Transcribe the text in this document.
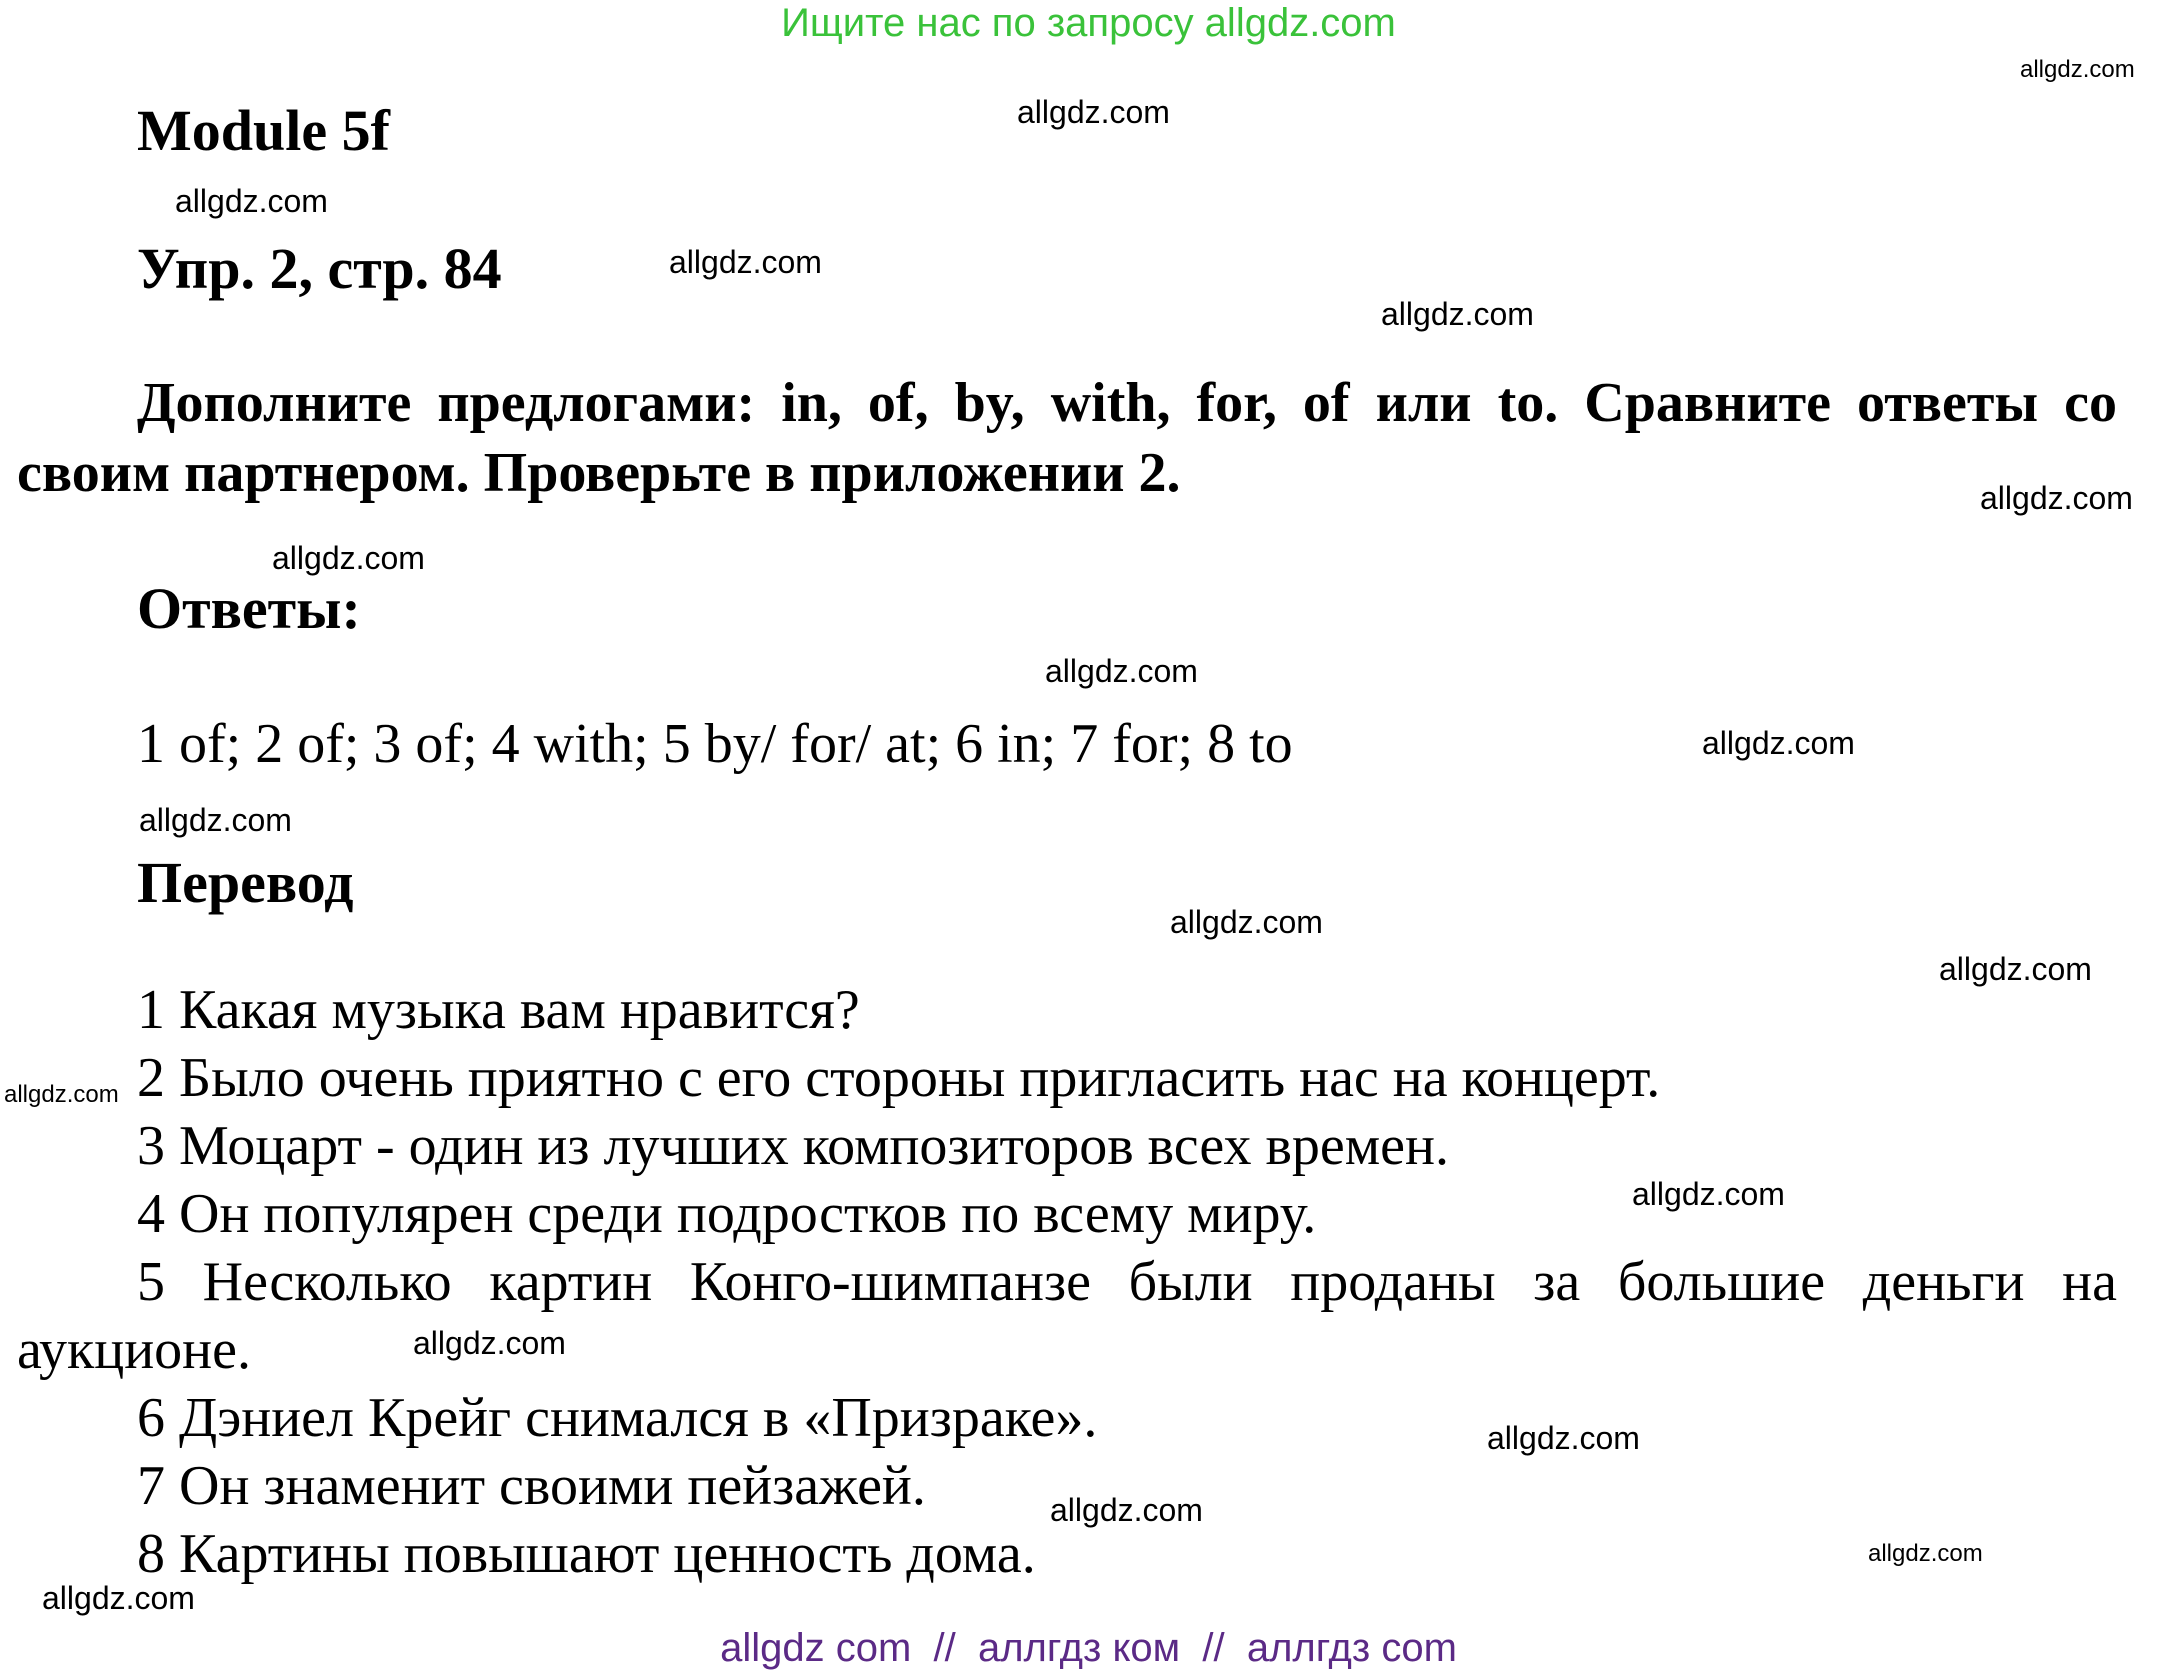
Ищите нас по запросу allgdz.com
Module 5f
Упр. 2, стр. 84

Дополните предлогами: in, of, by, with, for, of или to. Сравните ответы со своим партнером. Проверьте в приложении 2.

Ответы:
1 of; 2 of; 3 of; 4 with; 5 by/ for/ at; 6 in; 7 for; 8 to
Перевод
1 Какая музыка вам нравится?
2 Было очень приятно с его стороны пригласить нас на концерт.
3 Моцарт - один из лучших композиторов всех времен.
4 Он популярен среди подростков по всему миру.
5 Несколько картин Конго-шимпанзе были проданы за большие деньги на аукционе.
6 Дэниел Крейг снимался в «Призраке».
7 Он знаменит своими пейзажей.
8 Картины повышают ценность дома.
allgdz.com
allgdz.com
allgdz.com
allgdz.com
allgdz.com
allgdz.com
allgdz.com
allgdz.com
allgdz.com
allgdz.com
allgdz.com
allgdz.com
allgdz.com
allgdz.com
allgdz.com
allgdz.com
allgdz.com
allgdz.com
allgdz.com
allgdz com  //  аллгдз ком  //  аллгдз com
